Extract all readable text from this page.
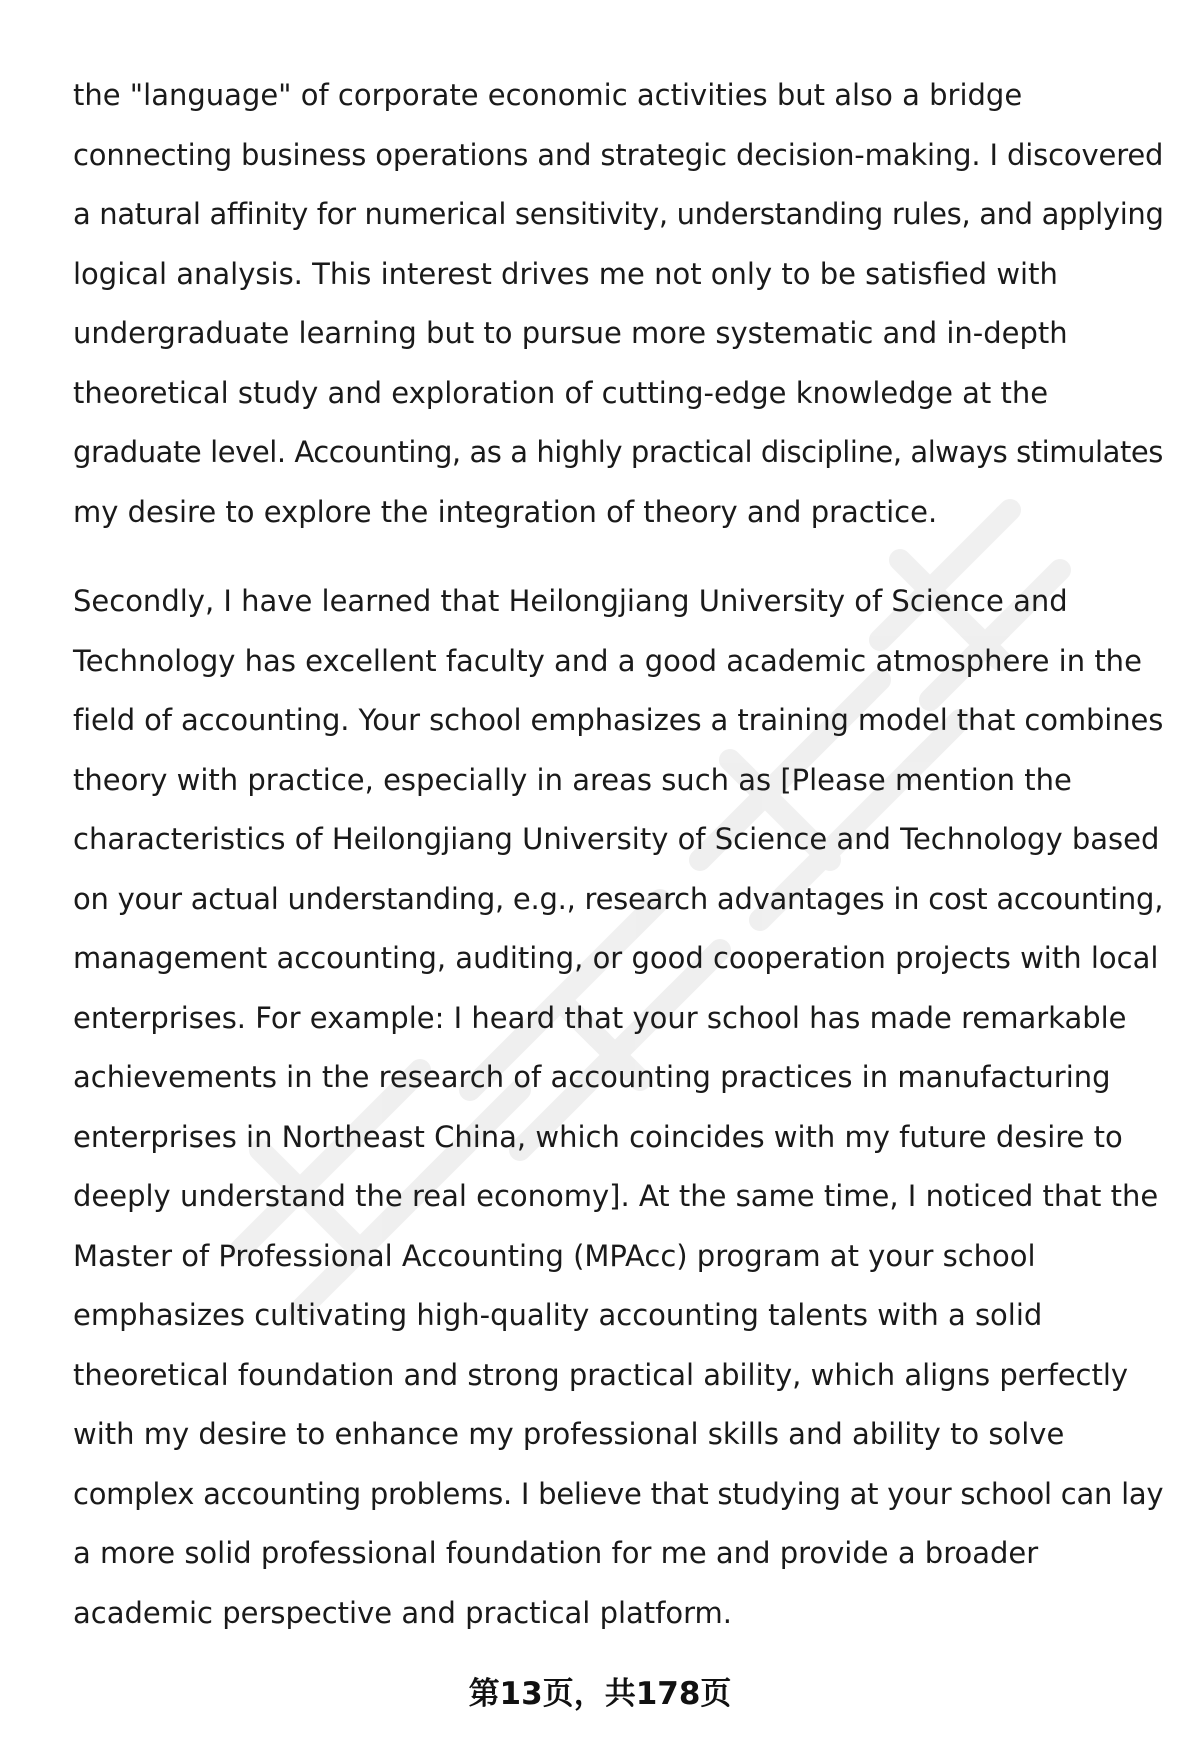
the "language" of corporate economic activities but also a bridge
connecting business operations and strategic decision-making. I discovered
a natural affinity for numerical sensitivity, understanding rules, and applying
logical analysis. This interest drives me not only to be satisfied with
undergraduate learning but to pursue more systematic and in-depth
theoretical study and exploration of cutting-edge knowledge at the
graduate level. Accounting, as a highly practical discipline, always stimulates
my desire to explore the integration of theory and practice.
Secondly, I have learned that Heilongjiang University of Science and
Technology has excellent faculty and a good academic atmosphere in the
field of accounting. Your school emphasizes a training model that combines
theory with practice, especially in areas such as [Please mention the
characteristics of Heilongjiang University of Science and Technology based
on your actual understanding, e.g., research advantages in cost accounting,
management accounting, auditing, or good cooperation projects with local
enterprises. For example: I heard that your school has made remarkable
achievements in the research of accounting practices in manufacturing
enterprises in Northeast China, which coincides with my future desire to
deeply understand the real economy]. At the same time, I noticed that the
Master of Professional Accounting (MPAcc) program at your school
emphasizes cultivating high-quality accounting talents with a solid
theoretical foundation and strong practical ability, which aligns perfectly
with my desire to enhance my professional skills and ability to solve
complex accounting problems. I believe that studying at your school can lay
a more solid professional foundation for me and provide a broader
academic perspective and practical platform.
第13页，共178页
